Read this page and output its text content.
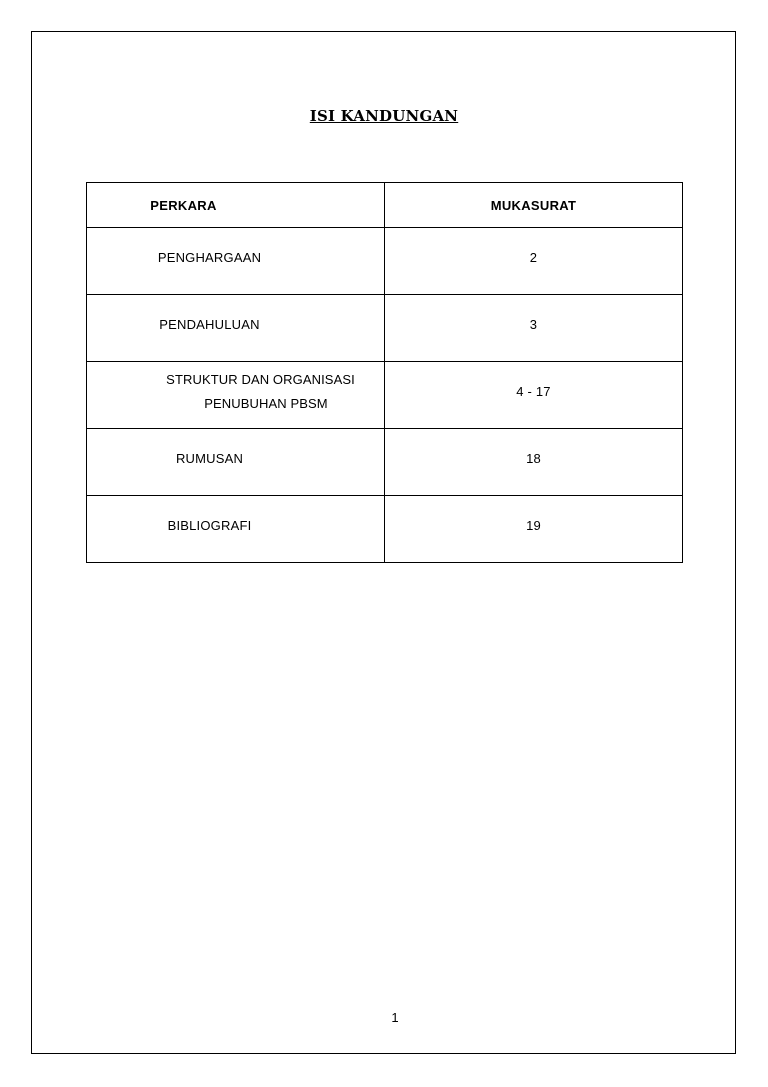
ISI KANDUNGAN
PERKARA	MUKASURAT

PENGHARGAAN	2

PENDAHULUAN	3

STRUKTUR DAN ORGANISASI
PENUBUHAN PBSM	4 - 17

RUMUSAN	18

BIBLIOGRAFI	19
1
